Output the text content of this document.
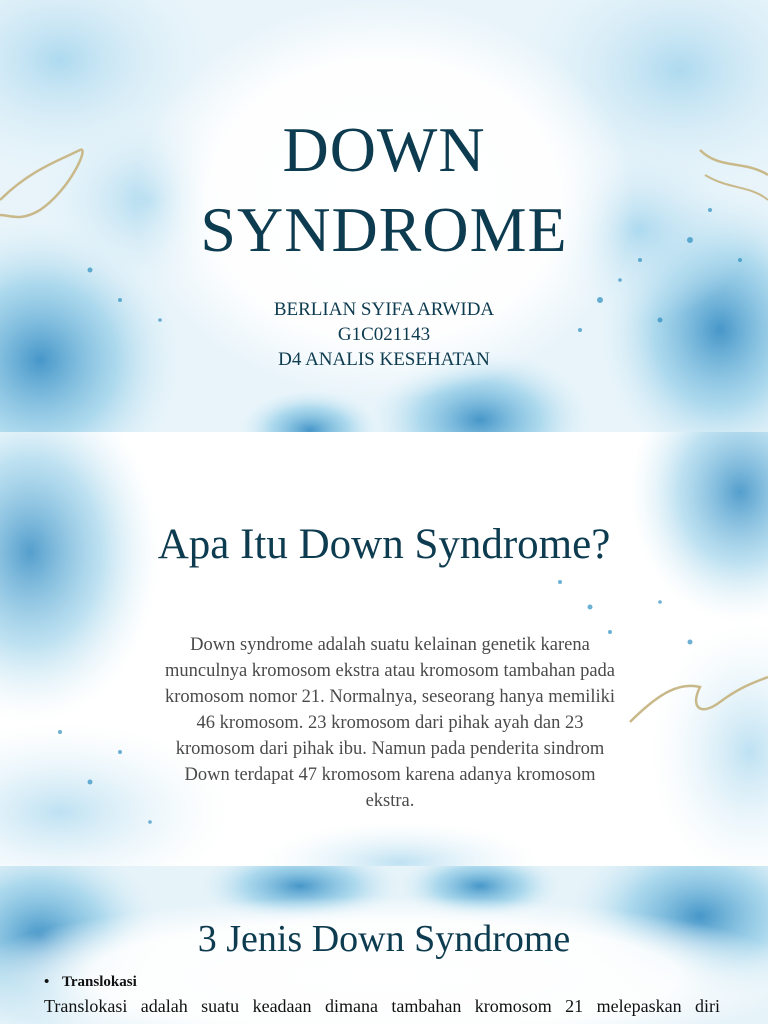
DOWN
SYNDROME
BERLIAN SYIFA ARWIDA
G1C021143
D4 ANALIS KESEHATAN
Apa Itu Down Syndrome?
Down syndrome adalah suatu kelainan genetik karena
munculnya kromosom ekstra atau kromosom tambahan pada
kromosom nomor 21. Normalnya, seseorang hanya memiliki
46 kromosom. 23 kromosom dari pihak ayah dan 23
kromosom dari pihak ibu. Namun pada penderita sindrom
Down terdapat 47 kromosom karena adanya kromosom
ekstra.
3 Jenis Down Syndrome
• Translokasi
Translokasi adalah suatu keadaan dimana tambahan kromosom 21 melepaskan diri
